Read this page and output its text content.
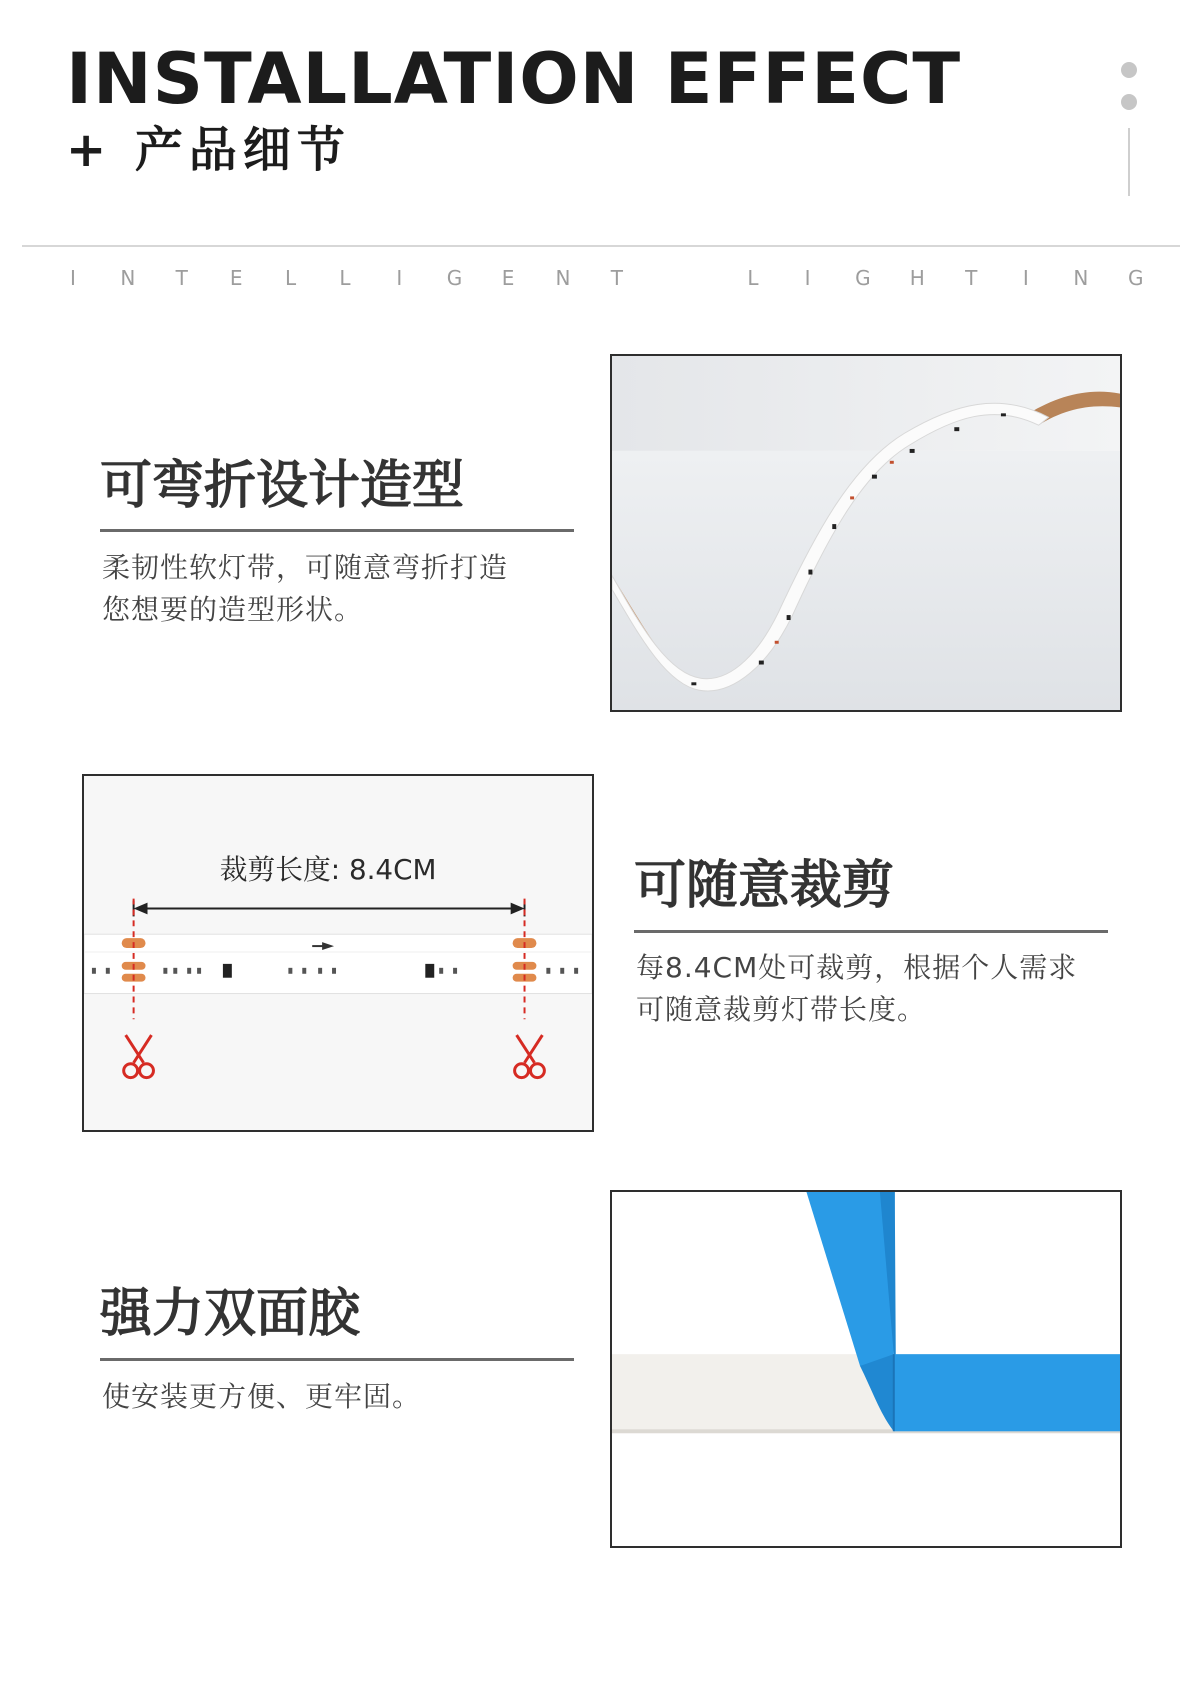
INSTALLATION EFFECT
+ 产品细节
I N T E L L I G E N T	L I G H T I N G
可弯折设计造型

柔韧性软灯带，可随意弯折打造
您想要的造型形状。

裁剪长度: 8.4CM	可随意裁剪

每8.4CM处可裁剪，根据个人需求
可随意裁剪灯带长度。

强力双面胶

使安装更方便、更牢固。
